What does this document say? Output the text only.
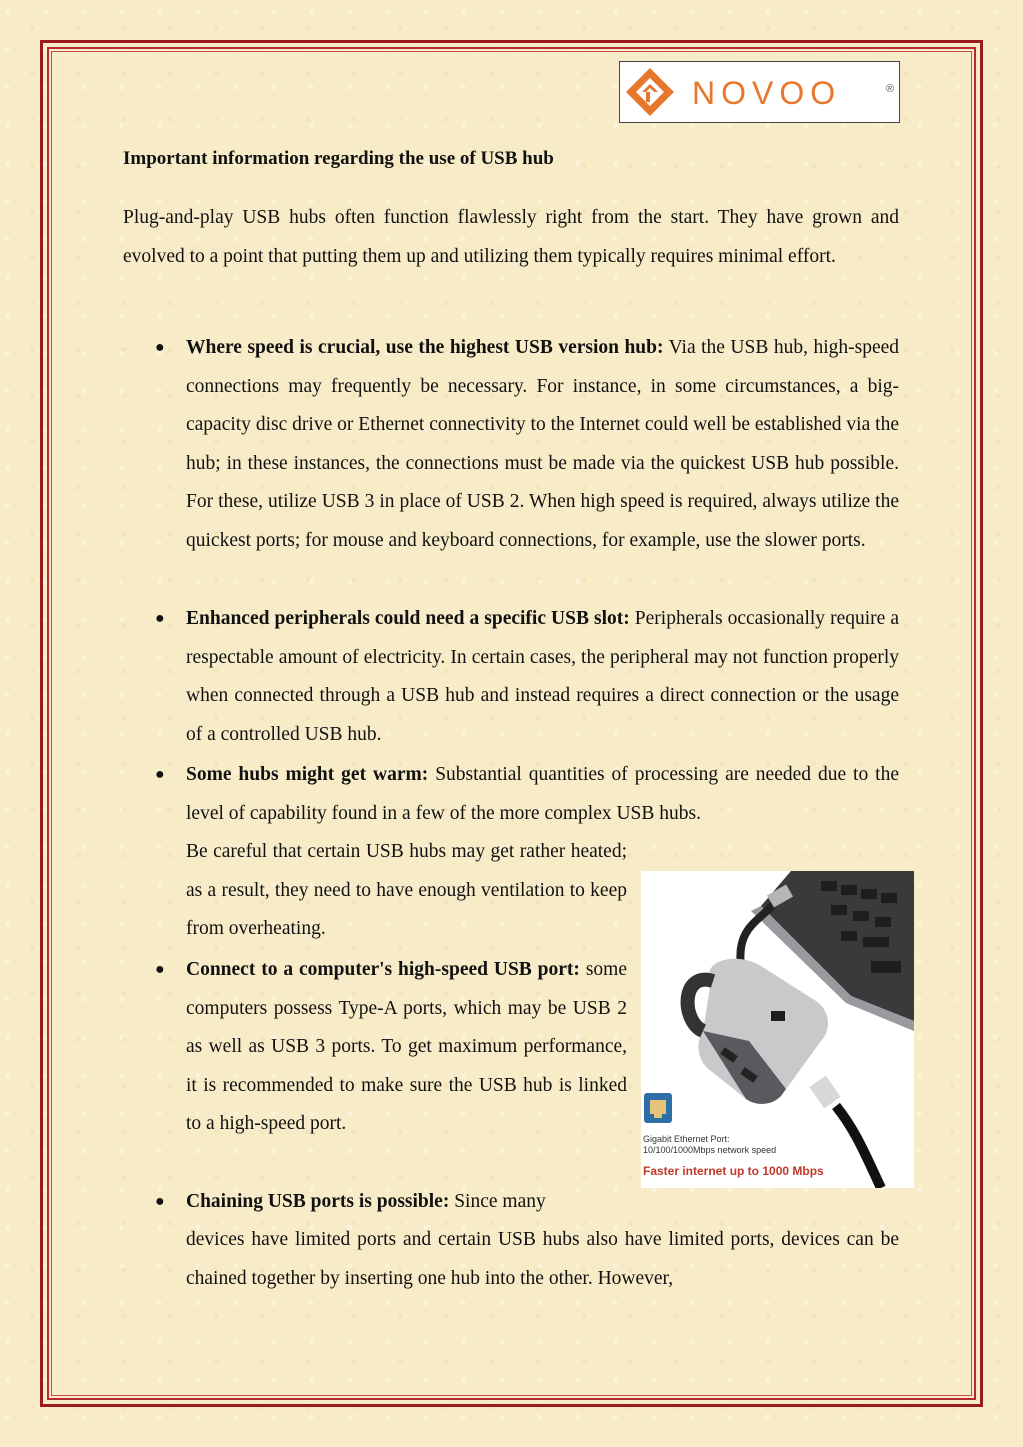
NOVOO	®
Important information regarding the use of USB hub
Plug-and-play USB hubs often function flawlessly right from the start. They have grown and evolved to a point that putting them up and utilizing them typically requires minimal effort.
● Where speed is crucial, use the highest USB version hub: Via the USB hub, high-speed connections may frequently be necessary. For instance, in some circumstances, a big-capacity disc drive or Ethernet connectivity to the Internet could well be established via the hub; in these instances, the connections must be made via the quickest USB hub possible. For these, utilize USB 3 in place of USB 2. When high speed is required, always utilize the quickest ports; for mouse and keyboard connections, for example, use the slower ports.
● Enhanced peripherals could need a specific USB slot: Peripherals occasionally require a respectable amount of electricity. In certain cases, the peripheral may not function properly when connected through a USB hub and instead requires a direct connection or the usage of a controlled USB hub.
● Some hubs might get warm: Substantial quantities of processing are needed due to the level of capability found in a few of the more complex USB hubs.
Be careful that certain USB hubs may get rather heated; as a result, they need to have enough ventilation to keep from overheating.
● Connect to a computer's high-speed USB port: some computers possess Type-A ports, which may be USB 2 as well as USB 3 ports. To get maximum performance, it is recommended to make sure the USB hub is linked to a high-speed port.
● Chaining USB ports is possible: Since many
devices have limited ports and certain USB hubs also have limited ports, devices can be chained together by inserting one hub into the other. However,
Gigabit Ethernet Port:
10/100/1000Mbps network speed
Faster internet up to 1000 Mbps
